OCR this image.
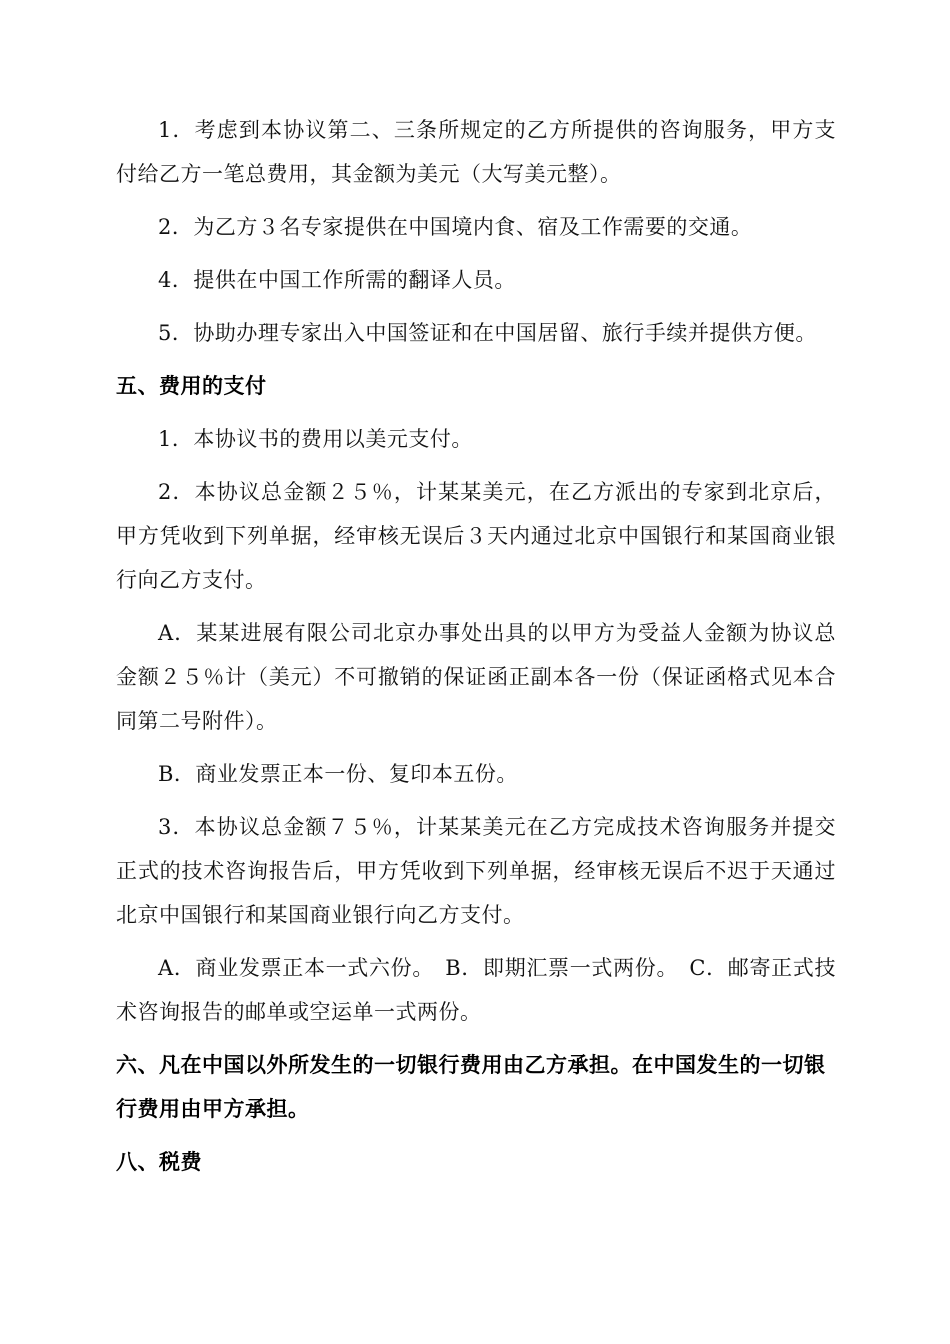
1．考虑到本协议第二、三条所规定的乙方所提供的咨询服务，甲方支付给乙方一笔总费用，其金额为美元（大写美元整）。

2．为乙方３名专家提供在中国境内食、宿及工作需要的交通。

4．提供在中国工作所需的翻译人员。

5．协助办理专家出入中国签证和在中国居留、旅行手续并提供方便。

五、费用的支付

1．本协议书的费用以美元支付。

2．本协议总金额２５％，计某某美元，在乙方派出的专家到北京后，甲方凭收到下列单据，经审核无误后３天内通过北京中国银行和某国商业银行向乙方支付。

A．某某进展有限公司北京办事处出具的以甲方为受益人金额为协议总金额２５％计（美元）不可撤销的保证函正副本各一份（保证函格式见本合同第二号附件）。

B．商业发票正本一份、复印本五份。

3．本协议总金额７５％，计某某美元在乙方完成技术咨询服务并提交正式的技术咨询报告后，甲方凭收到下列单据，经审核无误后不迟于天通过北京中国银行和某国商业银行向乙方支付。

A．商业发票正本一式六份。　B．即期汇票一式两份。　C．邮寄正式技术咨询报告的邮单或空运单一式两份。

六、凡在中国以外所发生的一切银行费用由乙方承担。在中国发生的一切银行费用由甲方承担。

八、税费
